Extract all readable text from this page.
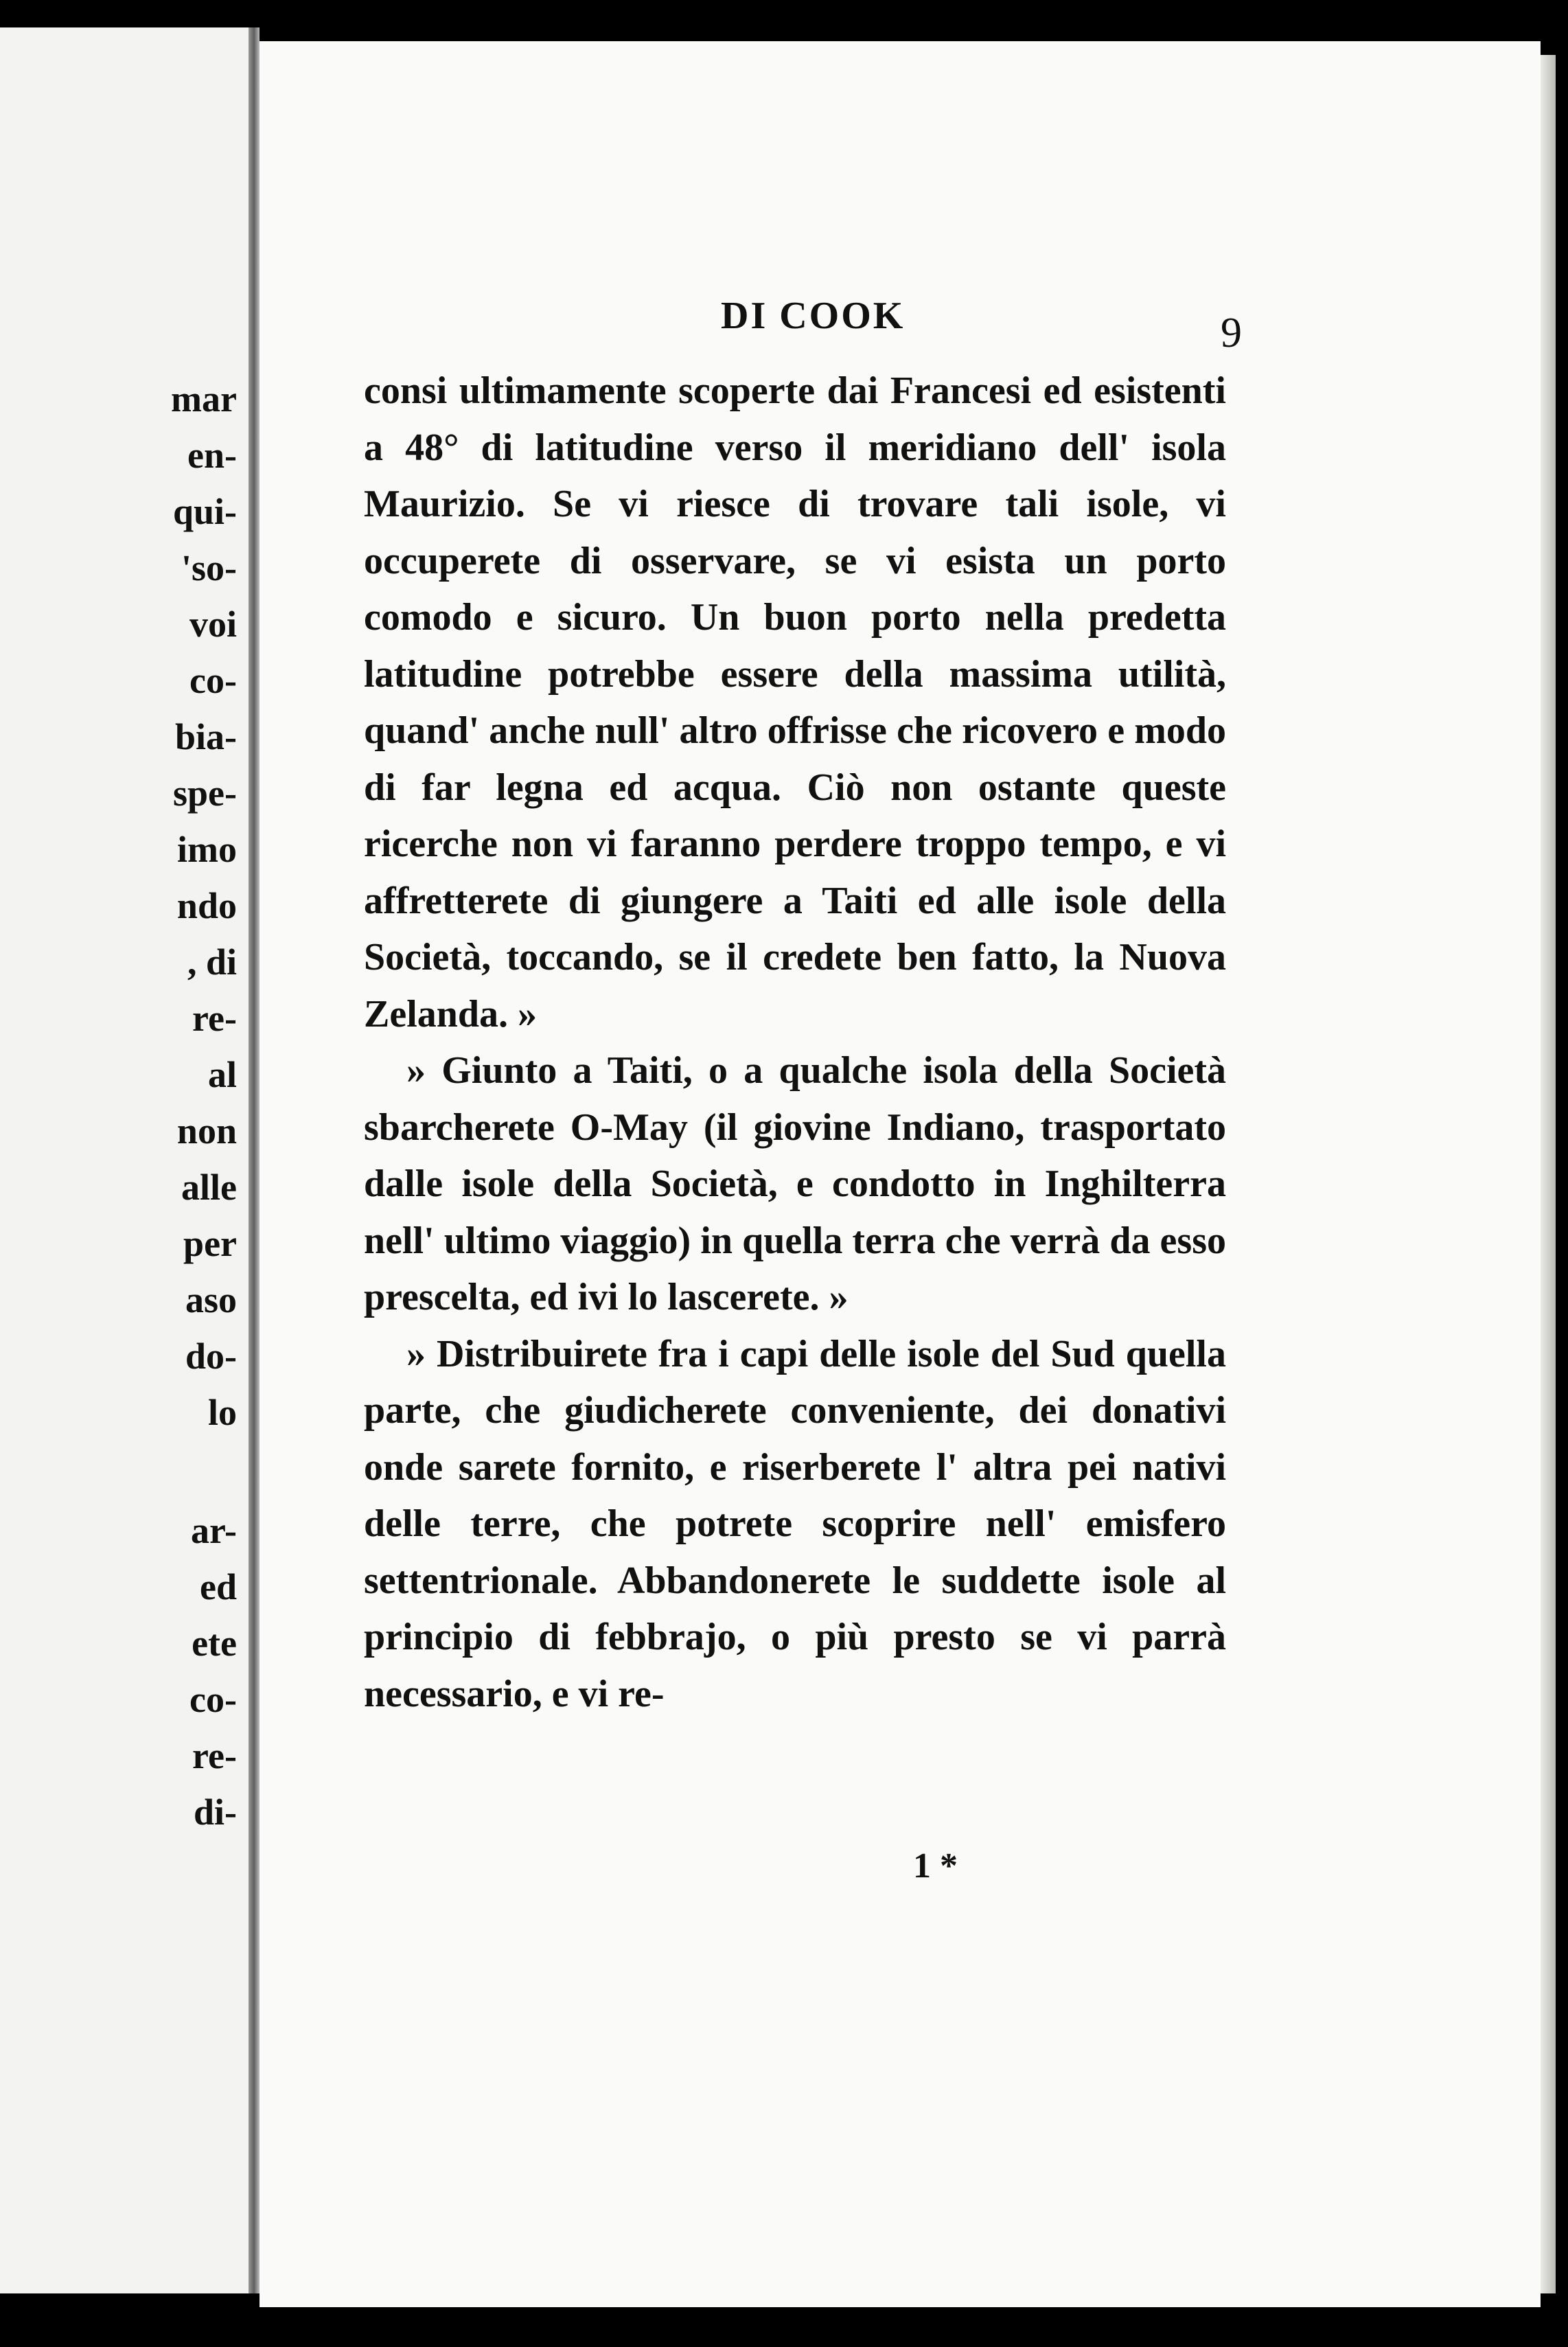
mar
en-
qui-
'so-
voi
co-
bia-
spe-
imo
ndo
, di
re-
al
non
alle
per
aso
do-
lo
ar-
ed
ete
co-
re-
di-
DI COOK	9

consi ultimamente scoperte dai Francesi ed esistenti a 48° di latitudine verso il meridiano dell' isola Maurizio. Se vi riesce di trovare tali isole, vi occuperete di osservare, se vi esista un porto comodo e sicuro. Un buon porto nella predetta latitudine potrebbe essere della massima utilità, quand' anche null' altro offrisse che ricovero e modo di far legna ed acqua. Ciò non ostante queste ricerche non vi faranno perdere troppo tempo, e vi affretterete di giungere a Taiti ed alle isole della Società, toccando, se il credete ben fatto, la Nuova Zelanda. »

» Giunto a Taiti, o a qualche isola della Società sbarcherete O-May (il giovine Indiano, trasportato dalle isole della Società, e condotto in Inghilterra nell' ultimo viaggio) in quella terra che verrà da esso prescelta, ed ivi lo lascerete. »

» Distribuirete fra i capi delle isole del Sud quella parte, che giudicherete conveniente, dei donativi onde sarete fornito, e riserberete l' altra pei nativi delle terre, che potrete scoprire nell' emisfero settentrionale. Abbandonerete le suddette isole al principio di febbrajo, o più presto se vi parrà necessario, e vi re-

1 *
